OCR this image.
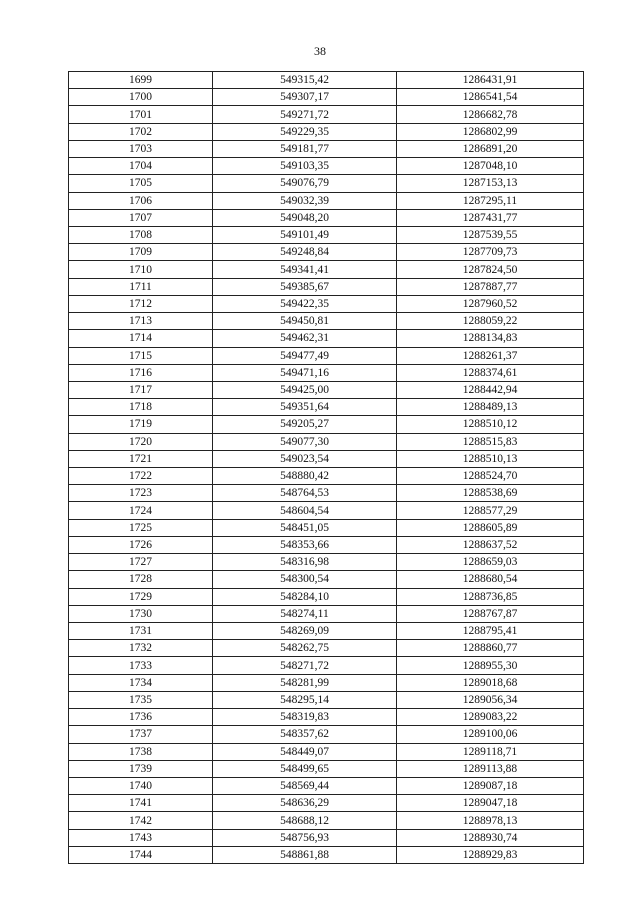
38
1699	549315,42	1286431,91
1700	549307,17	1286541,54
1701	549271,72	1286682,78
1702	549229,35	1286802,99
1703	549181,77	1286891,20
1704	549103,35	1287048,10
1705	549076,79	1287153,13
1706	549032,39	1287295,11
1707	549048,20	1287431,77
1708	549101,49	1287539,55
1709	549248,84	1287709,73
1710	549341,41	1287824,50
1711	549385,67	1287887,77
1712	549422,35	1287960,52
1713	549450,81	1288059,22
1714	549462,31	1288134,83
1715	549477,49	1288261,37
1716	549471,16	1288374,61
1717	549425,00	1288442,94
1718	549351,64	1288489,13
1719	549205,27	1288510,12
1720	549077,30	1288515,83
1721	549023,54	1288510,13
1722	548880,42	1288524,70
1723	548764,53	1288538,69
1724	548604,54	1288577,29
1725	548451,05	1288605,89
1726	548353,66	1288637,52
1727	548316,98	1288659,03
1728	548300,54	1288680,54
1729	548284,10	1288736,85
1730	548274,11	1288767,87
1731	548269,09	1288795,41
1732	548262,75	1288860,77
1733	548271,72	1288955,30
1734	548281,99	1289018,68
1735	548295,14	1289056,34
1736	548319,83	1289083,22
1737	548357,62	1289100,06
1738	548449,07	1289118,71
1739	548499,65	1289113,88
1740	548569,44	1289087,18
1741	548636,29	1289047,18
1742	548688,12	1288978,13
1743	548756,93	1288930,74
1744	548861,88	1288929,83
